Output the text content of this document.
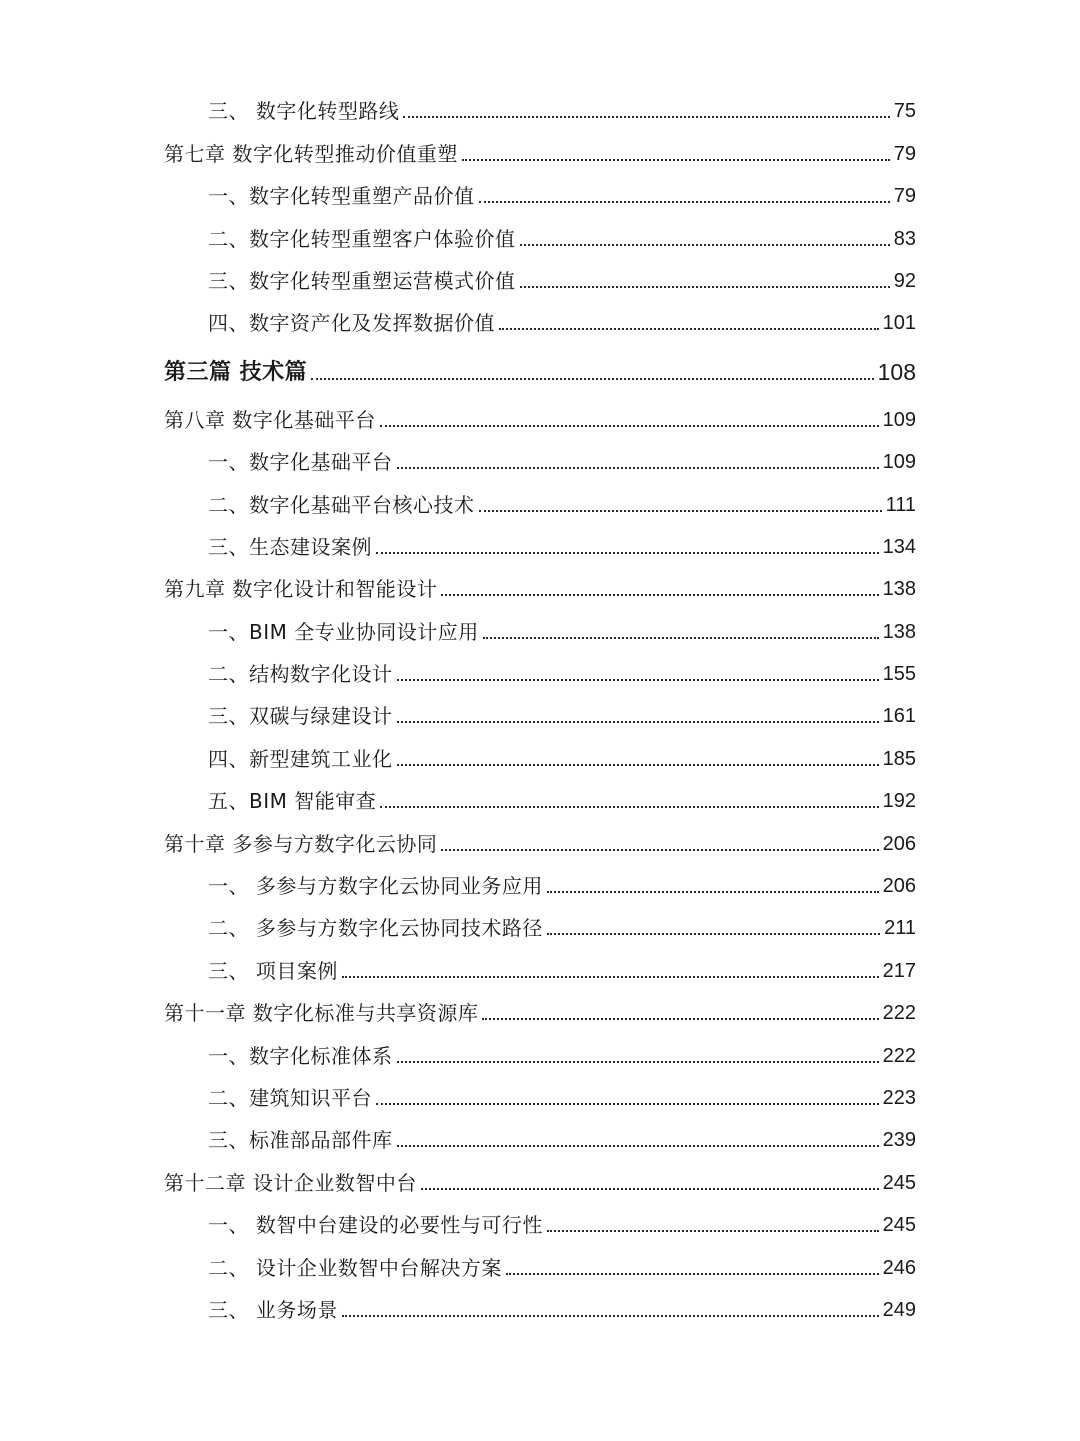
三、 数字化转型路线	75
第七章 数字化转型推动价值重塑	79
一、数字化转型重塑产品价值	79
二、数字化转型重塑客户体验价值	83
三、数字化转型重塑运营模式价值	92
四、数字资产化及发挥数据价值	101
第三篇 技术篇	108
第八章 数字化基础平台	109
一、数字化基础平台	109
二、数字化基础平台核心技术	111
三、生态建设案例	134
第九章 数字化设计和智能设计	138
一、BIM 全专业协同设计应用	138
二、结构数字化设计	155
三、双碳与绿建设计	161
四、新型建筑工业化	185
五、BIM 智能审查	192
第十章 多参与方数字化云协同	206
一、 多参与方数字化云协同业务应用	206
二、 多参与方数字化云协同技术路径	211
三、 项目案例	217
第十一章 数字化标准与共享资源库	222
一、数字化标准体系	222
二、建筑知识平台	223
三、标准部品部件库	239
第十二章 设计企业数智中台	245
一、 数智中台建设的必要性与可行性	245
二、 设计企业数智中台解决方案	246
三、 业务场景	249
